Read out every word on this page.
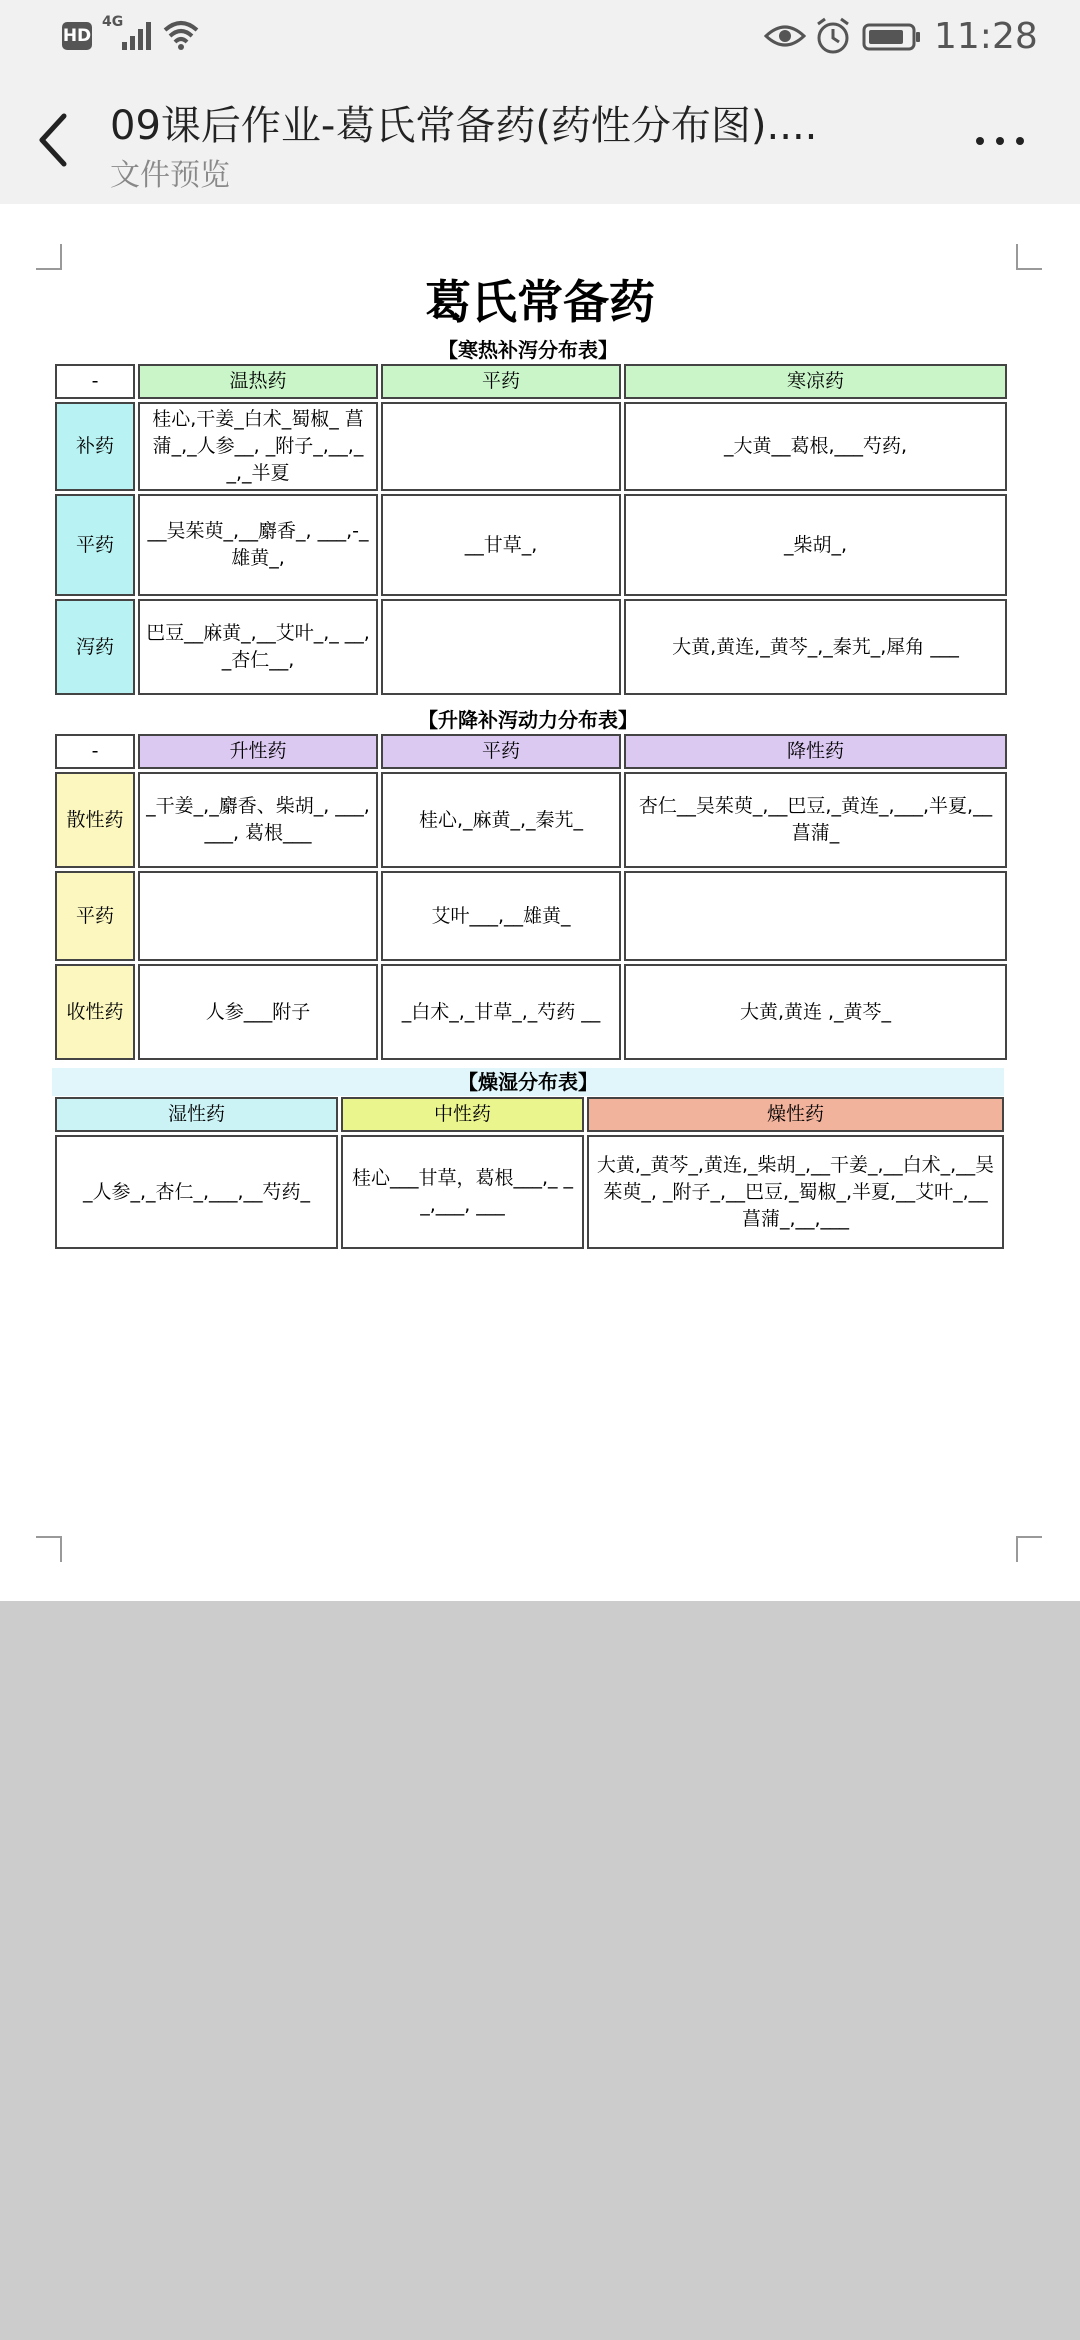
HD
4G	11:28
09课后作业-葛氏常备药(药性分布图)....
文件预览
葛氏常备药
【寒热补泻分布表】
-	温热药	平药	寒凉药
补药	桂心,干姜_白术_蜀椒_ 菖蒲_,_人参__, _附子_,__,__,_半夏		_大黄__葛根,___芍药,
平药	__吴茱萸_,__麝香_, ___,-_雄黄_,	__甘草_,	_柴胡_,
泻药	巴豆__麻黄_,__艾叶_,_ __,_杏仁__,		大黄,黄连,_黄芩_,_秦艽_,犀角 ___
【升降补泻动力分布表】
-	升性药	平药	降性药
散性药	_干姜_,_麝香、柴胡_, ___,___, 葛根___	桂心,_麻黄_,_秦艽_	杏仁__吴茱萸_,__巴豆,_黄连_,___,半夏,__菖蒲_
平药		艾叶___,__雄黄_	
收性药	人参___附子	_白术_,_甘草_,_芍药 __	大黄,黄连 ,_黄芩_
【燥湿分布表】
湿性药	中性药	燥性药
_人参_,_杏仁_,___,__芍药_	桂心___甘草，葛根___,_ __,___, ___	大黄,_黄芩_,黄连,_柴胡_,__干姜_,__白术_,__吴茱萸_, _附子_,__巴豆,_蜀椒_,半夏,__艾叶_,__菖蒲_,__,___
